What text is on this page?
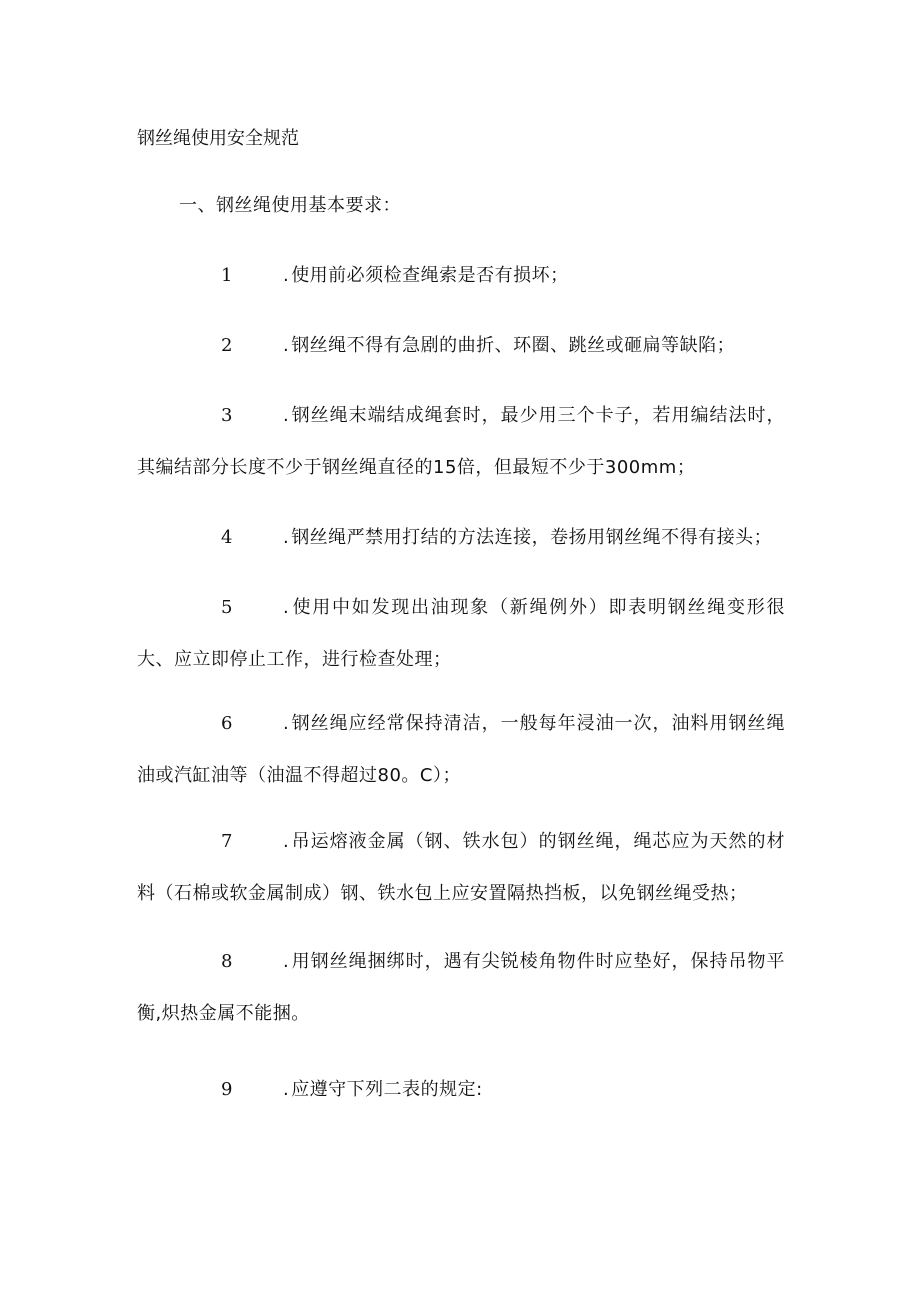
钢丝绳使用安全规范

一、钢丝绳使用基本要求：

1	. 使用前必须检查绳索是否有损坏；

2	. 钢丝绳不得有急剧的曲折、环圈、跳丝或砸扁等缺陷；

3	. 钢丝绳末端结成绳套时，最少用三个卡子，若用编结法时，其编结部分长度不少于钢丝绳直径的15倍，但最短不少于300mm；

4	. 钢丝绳严禁用打结的方法连接，卷扬用钢丝绳不得有接头；

5	. 使用中如发现出油现象（新绳例外）即表明钢丝绳变形很大、应立即停止工作，进行检查处理；

6	. 钢丝绳应经常保持清洁，一般每年浸油一次，油料用钢丝绳油或汽缸油等（油温不得超过80。C）；

7	. 吊运熔液金属（钢、铁水包）的钢丝绳，绳芯应为天然的材料（石棉或软金属制成）钢、铁水包上应安置隔热挡板，以免钢丝绳受热；

8	. 用钢丝绳捆绑时，遇有尖锐棱角物件时应垫好，保持吊物平衡,炽热金属不能捆。

9	. 应遵守下列二表的规定:
